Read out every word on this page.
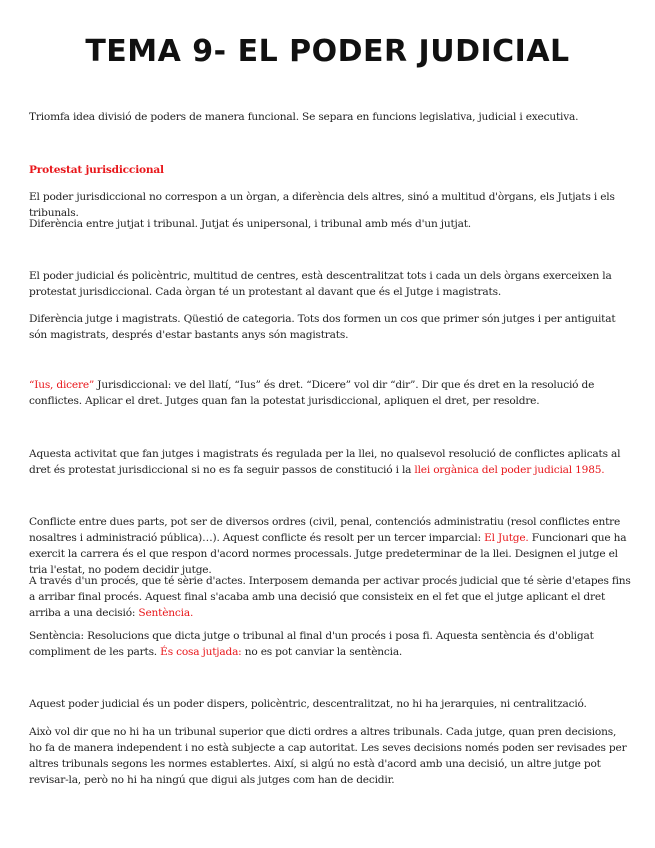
TEMA 9- EL PODER JUDICIAL

Triomfa idea divisió de poders de manera funcional. Se separa en funcions legislativa, judicial i executiva.

Protestat jurisdiccional

El poder jurisdiccional no correspon a un òrgan, a diferència dels altres, sinó a multitud d'òrgans, els Jutjats i els tribunals.

Diferència entre jutjat i tribunal. Jutjat és unipersonal, i tribunal amb més d'un jutjat.

El poder judicial és policèntric, multitud de centres, està descentralitzat tots i cada un dels òrgans exerceixen la protestat jurisdiccional. Cada òrgan té un protestant al davant que és el Jutge i magistrats.

Diferència jutge i magistrats. Qüestió de categoria. Tots dos formen un cos que primer són jutges i per antiguitat són magistrats, després d'estar bastants anys són magistrats.

“Ius, dicere” Jurisdiccional: ve del llatí, “Ius” és dret. “Dicere” vol dir “dir”. Dir que és dret en la resolució de conflictes. Aplicar el dret. Jutges quan fan la potestat jurisdiccional, apliquen el dret, per resoldre.

Aquesta activitat que fan jutges i magistrats és regulada per la llei, no qualsevol resolució de conflictes aplicats al dret és protestat jurisdiccional si no es fa seguir passos de constitució i la llei orgànica del poder judicial 1985.

Conflicte entre dues parts, pot ser de diversos ordres (civil, penal, contenciós administratiu (resol conflictes entre nosaltres i administració pública)…). Aquest conflicte és resolt per un tercer imparcial: El Jutge. Funcionari que ha exercit la carrera és el que respon d'acord normes processals. Jutge predeterminar de la llei. Designen el jutge el tria l'estat, no podem decidir jutge.

A través d'un procés, que té sèrie d'actes. Interposem demanda per activar procés judicial que té sèrie d'etapes fins a arribar final procés. Aquest final s'acaba amb una decisió que consisteix en el fet que el jutge aplicant el dret arriba a una decisió: Sentència.

Sentència: Resolucions que dicta jutge o tribunal al final d'un procés i posa fi. Aquesta sentència és d'obligat compliment de les parts. És cosa jutjada: no es pot canviar la sentència.

Aquest poder judicial és un poder dispers, policèntric, descentralitzat, no hi ha jerarquies, ni centralització.

Això vol dir que no hi ha un tribunal superior que dicti ordres a altres tribunals. Cada jutge, quan pren decisions, ho fa de manera independent i no està subjecte a cap autoritat. Les seves decisions només poden ser revisades per altres tribunals segons les normes establertes. Així, si algú no està d'acord amb una decisió, un altre jutge pot revisar-la, però no hi ha ningú que digui als jutges com han de decidir.
